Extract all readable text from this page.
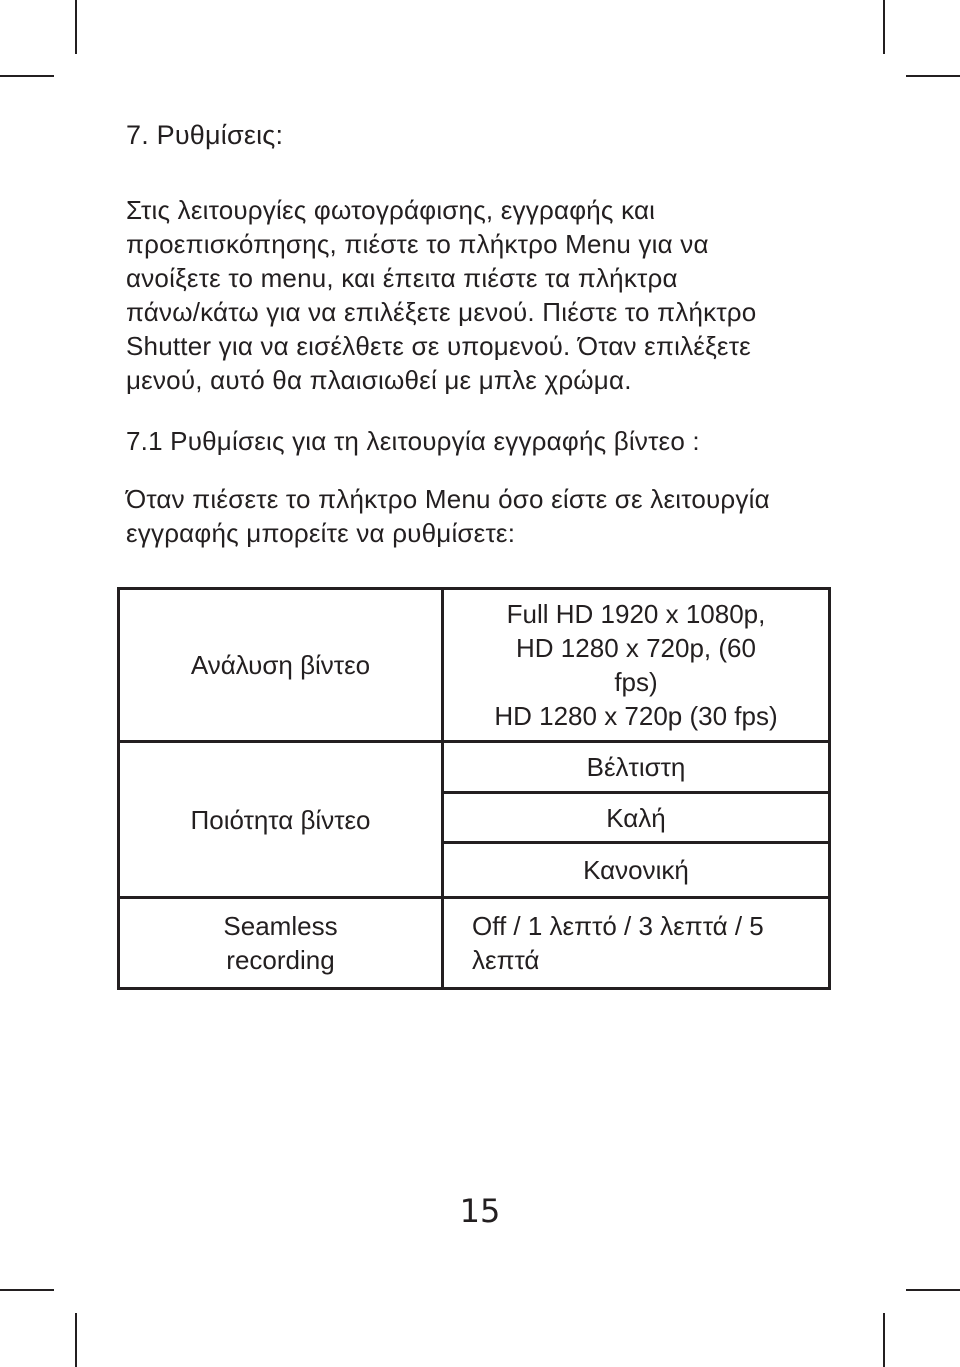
7. Ρυθμίσεις:

Στις λειτουργίες φωτογράφισης, εγγραφής και
προεπισκόπησης, πιέστε το πλήκτρο Menu για να
ανοίξετε το menu, και έπειτα πιέστε τα πλήκτρα
πάνω/κάτω για να επιλέξετε μενού. Πιέστε το πλήκτρο
Shutter για να εισέλθετε σε υπομενού. Όταν επιλέξετε
μενού, αυτό θα πλαισιωθεί με μπλε χρώμα.

7.1 Ρυθμίσεις για τη λειτουργία εγγραφής βίντεο :

Όταν πιέσετε το πλήκτρο Menu όσο είστε σε λειτουργία
εγγραφής μπορείτε να ρυθμίσετε:

Ανάλυση βίντεο	Full HD 1920 x 1080p,
HD 1280 x 720p, (60
fps)
HD 1280 x 720p (30 fps)

Ποιότητα βίντεο	Βέλτιστη

	Καλή

	Κανονική

Seamless
recording	Off / 1 λεπτό / 3 λεπτά / 5
λεπτά
15
